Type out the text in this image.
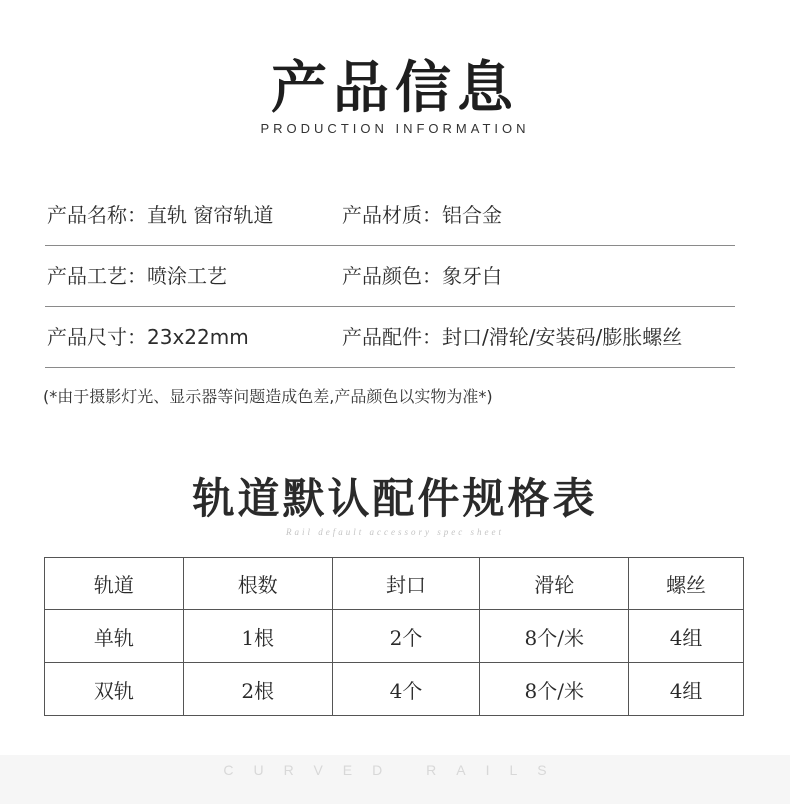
产品信息
PRODUCTION INFORMATION
产品名称：直轨 窗帘轨道	产品材质：铝合金
产品工艺：喷涂工艺	产品颜色：象牙白
产品尺寸：23x22mm	产品配件：封口/滑轮/安装码/膨胀螺丝
(*由于摄影灯光、显示器等问题造成色差,产品颜色以实物为准*)
轨道默认配件规格表
Rail default accessory spec sheet
轨道	根数	封口	滑轮	螺丝
单轨	1根	2个	8个/米	4组
双轨	2根	4个	8个/米	4组
CURVED RAILS
